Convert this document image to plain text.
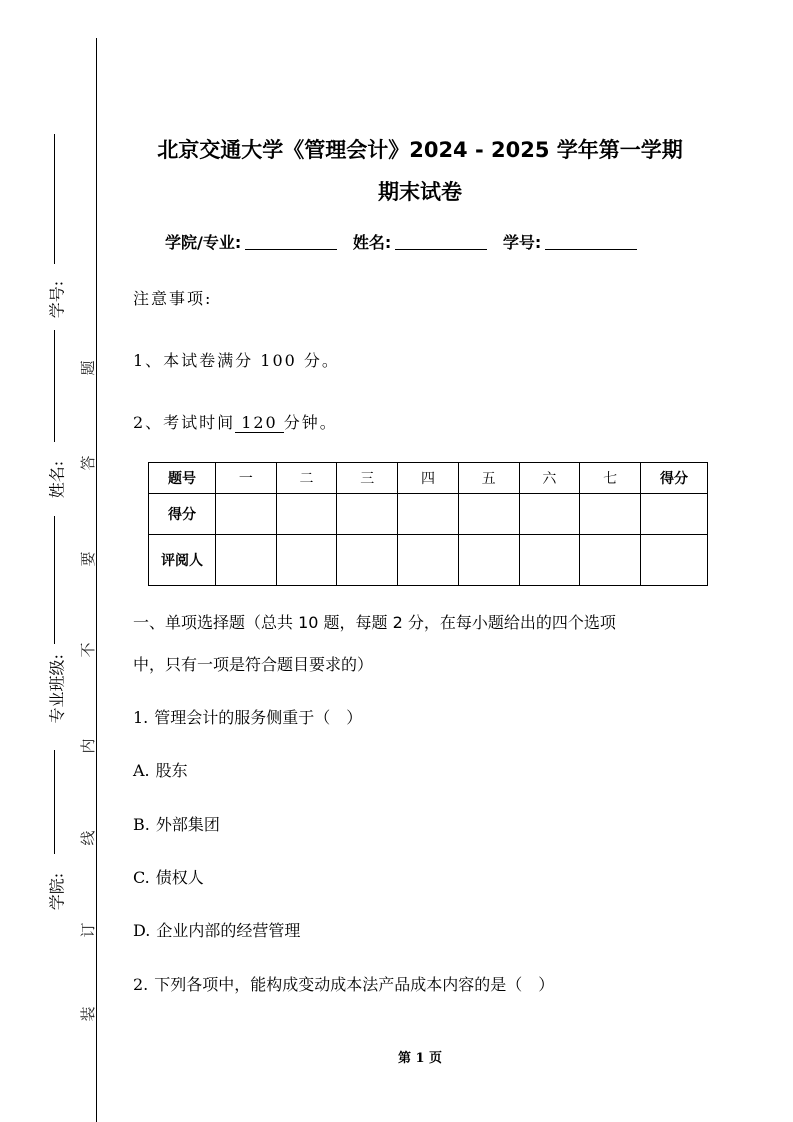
学号:
姓名:
专业班级:
学院:
题
答
要
不
内
线
订
装
北京交通大学《管理会计》2024 - 2025 学年第一学期
期末试卷
学院/专业:	姓名:	学号:
注意事项:
1、本试卷满分 100 分。
2、考试时间 120 分钟。
题号	一	二	三	四	五	六	七	得分
得分								
评阅人								
一、单项选择题（总共 10 题，每题 2 分，在每小题给出的四个选项
中，只有一项是符合题目要求的）
1. 管理会计的服务侧重于（　）
A. 股东
B. 外部集团
C. 债权人
D. 企业内部的经营管理
2. 下列各项中，能构成变动成本法产品成本内容的是（　）
第 1 页
